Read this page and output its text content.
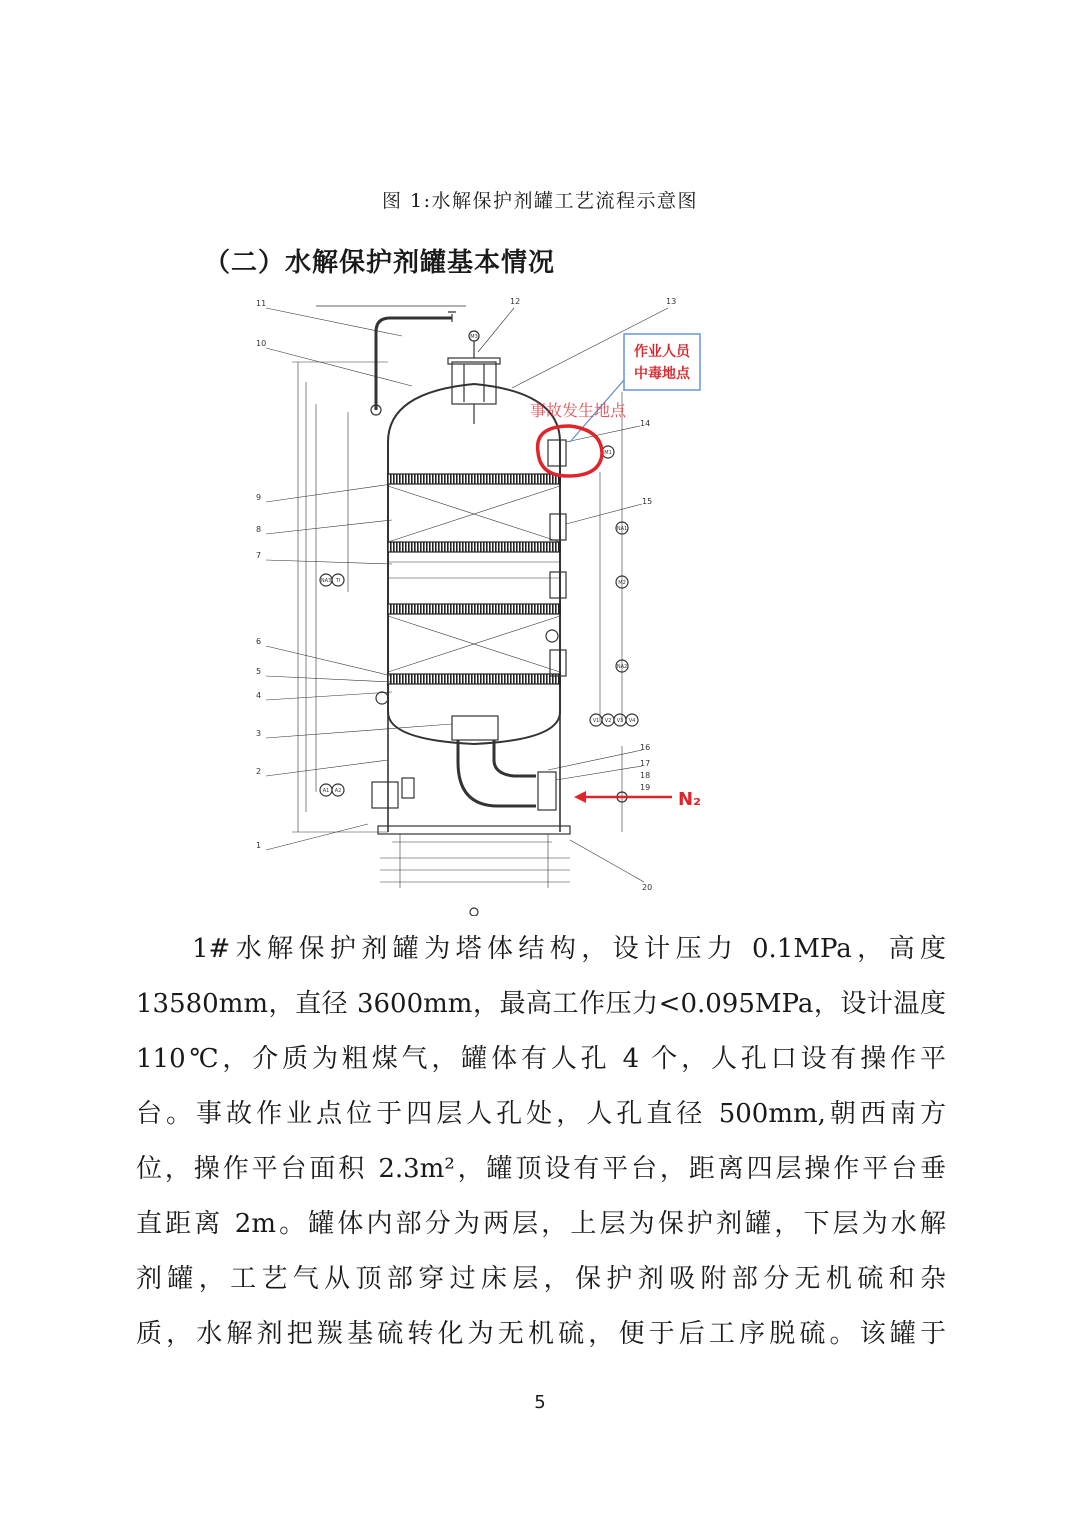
图 1:水解保护剂罐工艺流程示意图
（二）水解保护剂罐基本情况
11
10
9
8
7
6
5
4
3
2
1
12	13
14
15
16
17
18
19
20
M1
NA1
M2
NA2
V1 V2 V3 V4
A1 A2
NA3 TI
M3
作业人员
中毒地点
事故发生地点
N₂
1#水解保护剂罐为塔体结构，设计压力 0.1MPa，高度
13580mm，直径 3600mm，最高工作压力<0.095MPa，设计温度
110℃，介质为粗煤气，罐体有人孔 4 个，人孔口设有操作平
台。事故作业点位于四层人孔处，人孔直径 500mm,朝西南方
位，操作平台面积 2.3m²，罐顶设有平台，距离四层操作平台垂
直距离 2m。罐体内部分为两层，上层为保护剂罐，下层为水解
剂罐，工艺气从顶部穿过床层，保护剂吸附部分无机硫和杂
质，水解剂把羰基硫转化为无机硫，便于后工序脱硫。该罐于
5
